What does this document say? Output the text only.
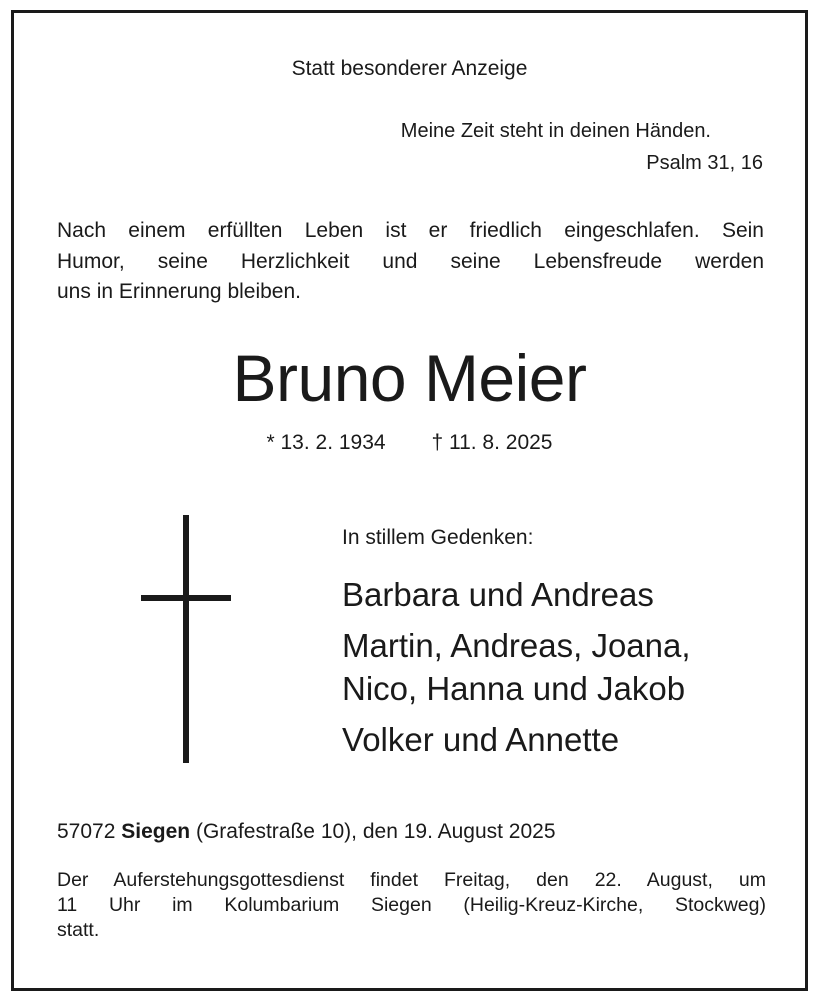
Statt besonderer Anzeige
Meine Zeit steht in deinen Händen.
Psalm 31, 16
Nach einem erfüllten Leben ist er friedlich eingeschlafen. Sein
Humor, seine Herzlichkeit und seine Lebensfreude werden
uns in Erinnerung bleiben.
Bruno Meier
* 13. 2. 1934 † 11. 8. 2025
In stillem Gedenken:
Barbara und Andreas
Martin, Andreas, Joana,
Nico, Hanna und Jakob
Volker und Annette
57072 Siegen (Grafestraße 10), den 19. August 2025
Der Auferstehungsgottesdienst findet Freitag, den 22. August, um
11 Uhr im Kolumbarium Siegen (Heilig-Kreuz-Kirche, Stockweg)
statt.
